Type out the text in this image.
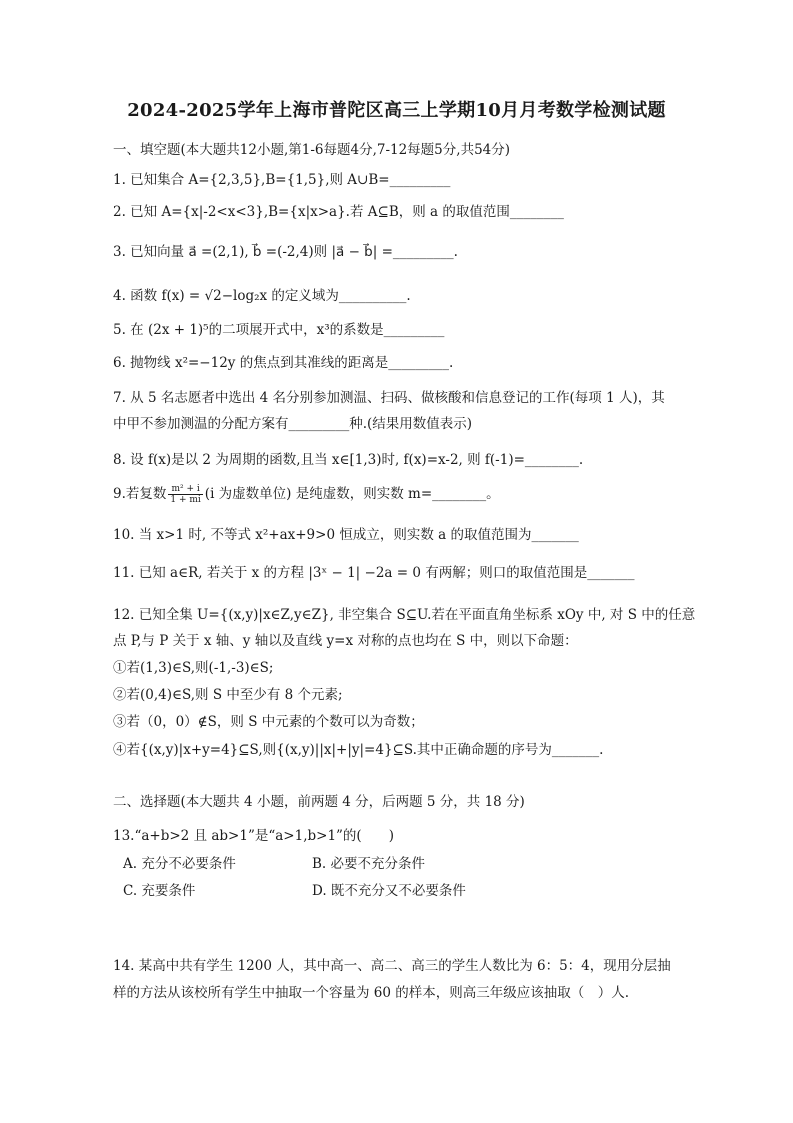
2024-2025学年上海市普陀区高三上学期10月月考数学检测试题
一、填空题(本大题共12小题,第1-6每题4分,7-12每题5分,共54分)
1. 已知集合 A={2,3,5},B={1,5},则 A∪B=_________
2. 已知 A={x|-2<x<3},B={x|x>a}.若 A⊆B，则 a 的取值范围________
3. 已知向量 a⃗ =(2,1), b⃗ =(-2,4)则 |a⃗ − b⃗| =_________.
4. 函数 f(x) = √2−log₂x 的定义域为__________.
5. 在 (2x + 1)⁵的二项展开式中，x³的系数是_________
6. 抛物线 x²=−12y 的焦点到其准线的距离是_________.
7. 从 5 名志愿者中选出 4 名分别参加测温、扫码、做核酸和信息登记的工作(每项 1 人)，其
中甲不参加测温的分配方案有_________种.(结果用数值表示)
8. 设 f(x)是以 2 为周期的函数,且当 x∈[1,3)时, f(x)=x-2, 则 f(-1)=________.
9.若复数 $\frac{\text{m² + i}}{1 + mi} (i$ 为虚数单位) 是纯虚数，则实数 m=________。
10. 当 x>1 时, 不等式 x²+ax+9>0 恒成立，则实数 a 的取值范围为_______
11. 已知 a∈R, 若关于 x 的方程 |3ˣ − 1| −2a = 0 有两解；则口的取值范围是_______
12. 已知全集 U={(x,y)|x∈Z,y∈Z}, 非空集合 S⊆U.若在平面直角坐标系 xOy 中, 对 S 中的任意
点 P,与 P 关于 x 轴、y 轴以及直线 y=x 对称的点也均在 S 中，则以下命题：
①若(1,3)∈S,则(-1,-3)∈S;
②若(0,4)∈S,则 S 中至少有 8 个元素;
③若（0，0）∉S，则 S 中元素的个数可以为奇数；
④若{(x,y)|x+y=4}⊆S,则{(x,y)||x|+|y|=4}⊆S.其中正确命题的序号为_______.
二、选择题(本大题共 4 小题，前两题 4 分，后两题 5 分，共 18 分)
13.“a+b>2 且 ab>1”是“a>1,b>1”的(　　)
A. 充分不必要条件	B. 必要不充分条件
C. 充要条件	D. 既不充分又不必要条件
14. 某高中共有学生 1200 人，其中高一、高二、高三的学生人数比为 6：5：4，现用分层抽
样的方法从该校所有学生中抽取一个容量为 60 的样本，则高三年级应该抽取（　）人.
